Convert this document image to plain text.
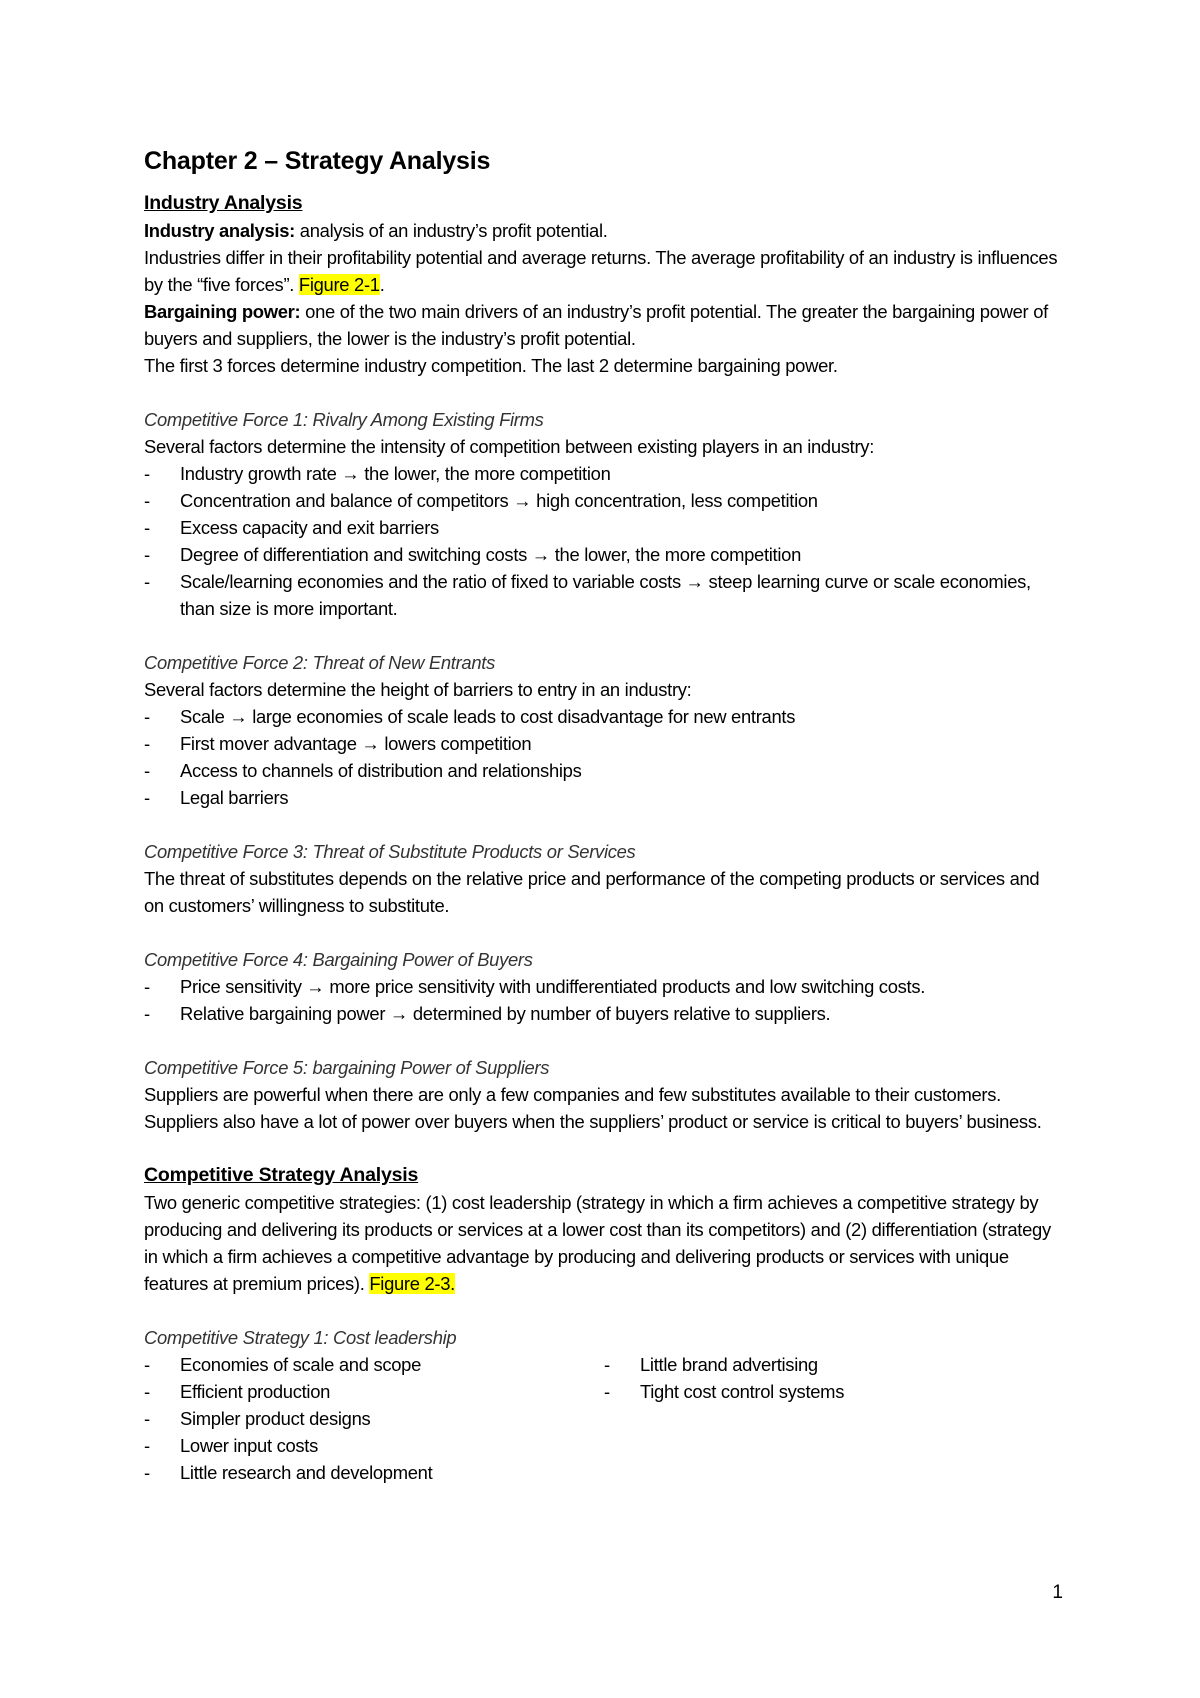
Chapter 2 – Strategy Analysis
Industry Analysis

Industry analysis: analysis of an industry’s profit potential.

Industries differ in their profitability potential and average returns. The average profitability of an industry is influences by the “five forces”. Figure 2-1.

Bargaining power: one of the two main drivers of an industry’s profit potential. The greater the bargaining power of buyers and suppliers, the lower is the industry’s profit potential.

The first 3 forces determine industry competition. The last 2 determine bargaining power.

Competitive Force 1: Rivalry Among Existing Firms

Several factors determine the intensity of competition between existing players in an industry:

- Industry growth rate → the lower, the more competition
- Concentration and balance of competitors → high concentration, less competition
- Excess capacity and exit barriers
- Degree of differentiation and switching costs → the lower, the more competition
- Scale/learning economies and the ratio of fixed to variable costs → steep learning curve or scale economies, than size is more important.

Competitive Force 2: Threat of New Entrants

Several factors determine the height of barriers to entry in an industry:

- Scale → large economies of scale leads to cost disadvantage for new entrants
- First mover advantage → lowers competition
- Access to channels of distribution and relationships
- Legal barriers

Competitive Force 3: Threat of Substitute Products or Services

The threat of substitutes depends on the relative price and performance of the competing products or services and on customers’ willingness to substitute.

Competitive Force 4: Bargaining Power of Buyers

- Price sensitivity → more price sensitivity with undifferentiated products and low switching costs.
- Relative bargaining power → determined by number of buyers relative to suppliers.

Competitive Force 5: bargaining Power of Suppliers

Suppliers are powerful when there are only a few companies and few substitutes available to their customers. Suppliers also have a lot of power over buyers when the suppliers’ product or service is critical to buyers’ business.

Competitive Strategy Analysis

Two generic competitive strategies: (1) cost leadership (strategy in which a firm achieves a competitive strategy by producing and delivering its products or services at a lower cost than its competitors) and (2) differentiation (strategy in which a firm achieves a competitive advantage by producing and delivering products or services with unique features at premium prices). Figure 2-3.

Competitive Strategy 1: Cost leadership

- Economies of scale and scope
- Efficient production
- Simpler product designs
- Lower input costs
- Little research and development
- Little brand advertising
- Tight cost control systems
1
